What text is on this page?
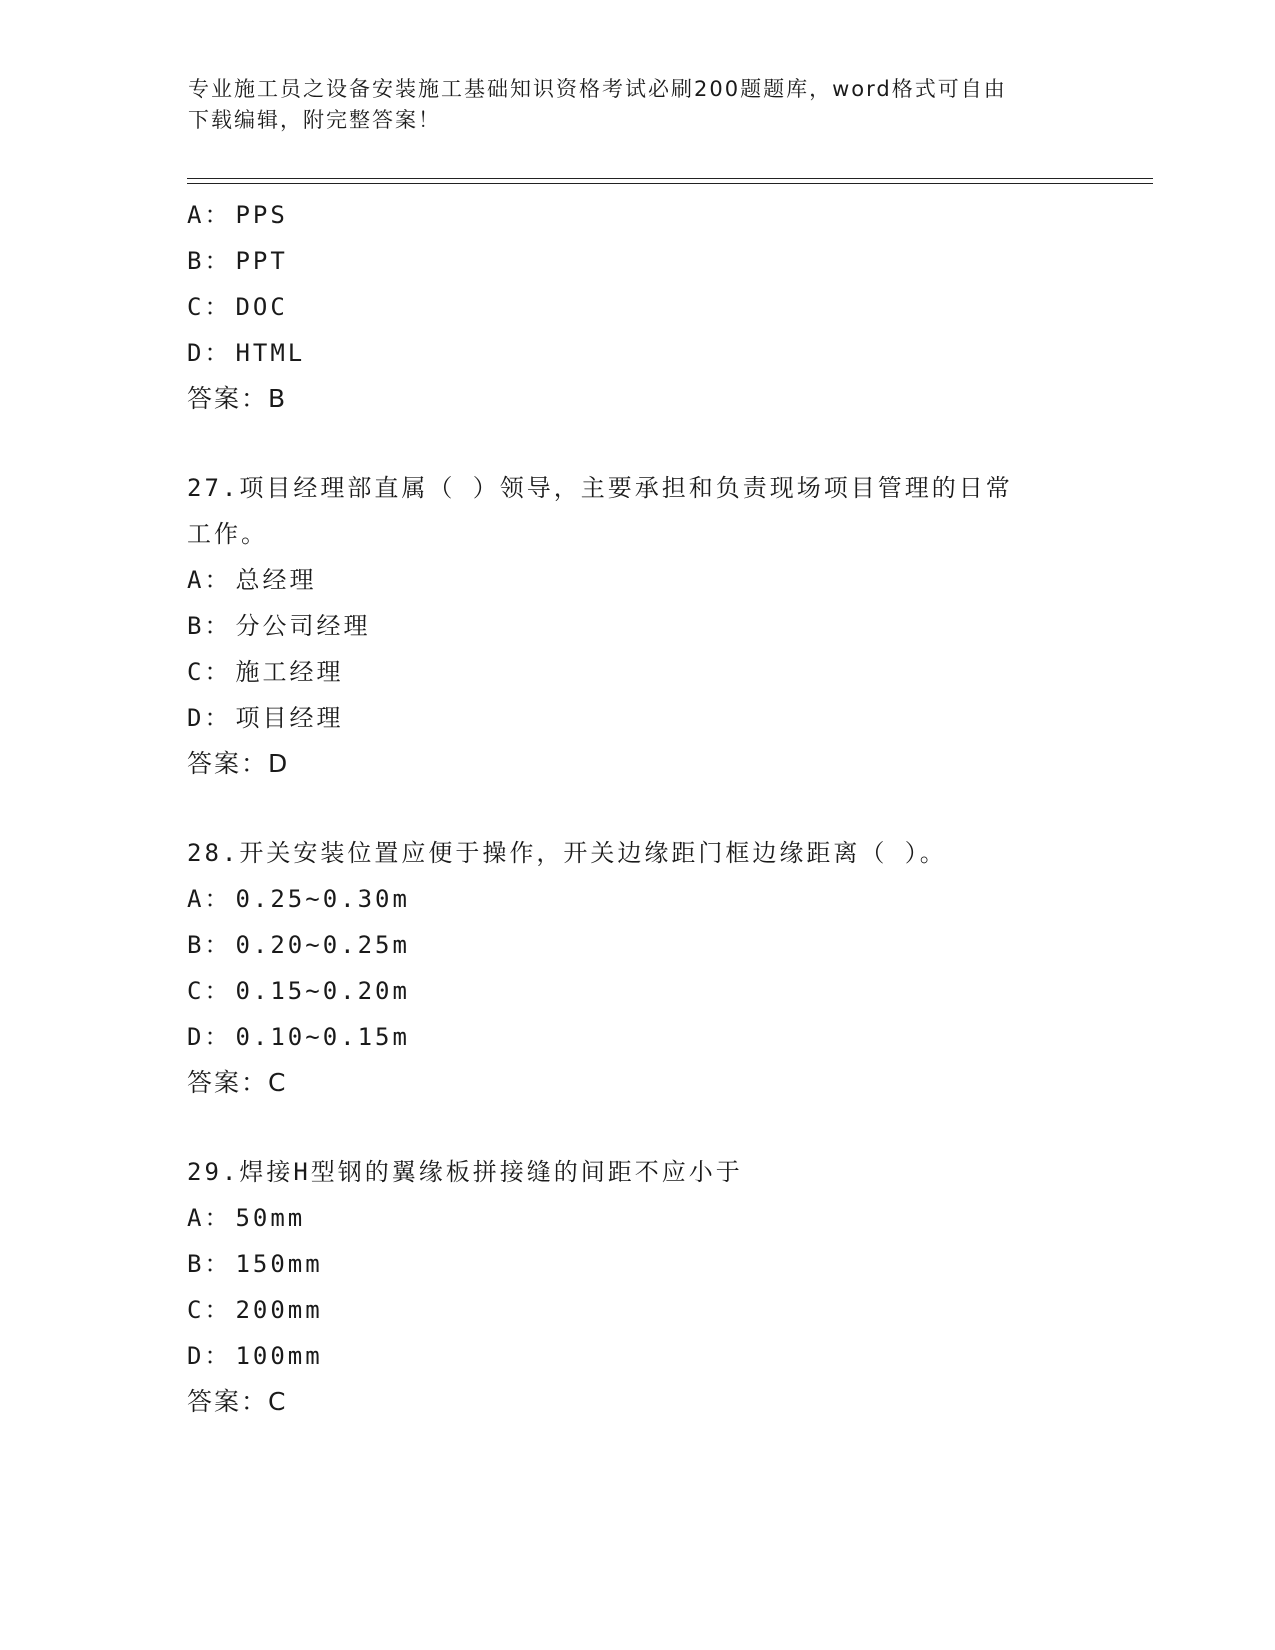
专业施工员之设备安装施工基础知识资格考试必刷200题题库，word格式可自由
下载编辑，附完整答案！
A： PPS
B： PPT
C： DOC
D： HTML
答案：B
27.项目经理部直属（ ）领导，主要承担和负责现场项目管理的日常
工作。
A： 总经理
B： 分公司经理
C： 施工经理
D： 项目经理
答案：D
28.开关安装位置应便于操作，开关边缘距门框边缘距离（ ）。
A： 0.25~0.30m
B： 0.20~0.25m
C： 0.15~0.20m
D： 0.10~0.15m
答案：C
29.焊接H型钢的翼缘板拼接缝的间距不应小于
A： 50mm
B： 150mm
C： 200mm
D： 100mm
答案：C
